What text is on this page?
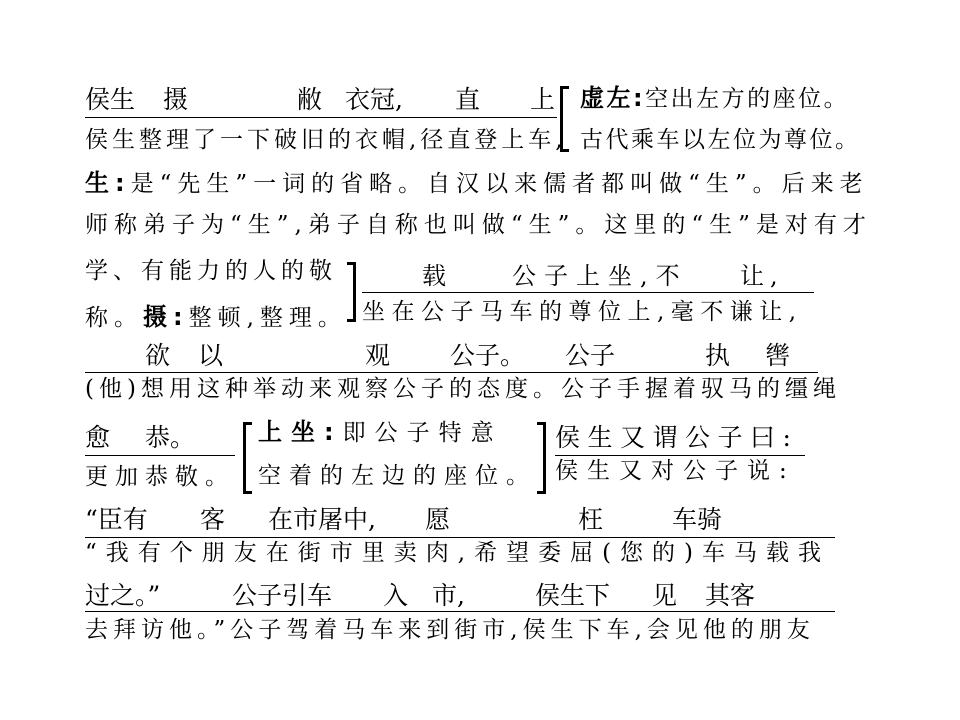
侯生 摄	敝 衣冠, 直 上
侯生整理了一下破旧的衣帽,径直登上车,
虚左:空出左方的座位。
古代乘车以左位为尊位。
生:是“先生”一词的省略。自汉以来儒者都叫做“生”。后来老
师称弟子为“生”,弟子自称也叫做“生”。这里的“生”是对有才
学、有能力的人的敬
称。摄:整顿,整理。
载	公子上坐,不 让,
坐在公子马车的尊位上,毫不谦让,
欲 以	观 公子。 公子	执 辔
(他)想用这种举动来观察公子的态度。公子手握着驭马的缰绳
愈 恭。
更加恭敬。
上坐:即公子特意
空着的左边的座位。
侯生又谓公子曰:
侯生又对公子说:
“臣有 客 在市屠中, 愿	枉	车骑
“我有个朋友在街市里卖肉,希望委屈(您的)车马载我
过之。”	公子引车 入 市,	侯生下 见 其客
去拜访他。”公子驾着马车来到街市,侯生下车,会见他的朋友
